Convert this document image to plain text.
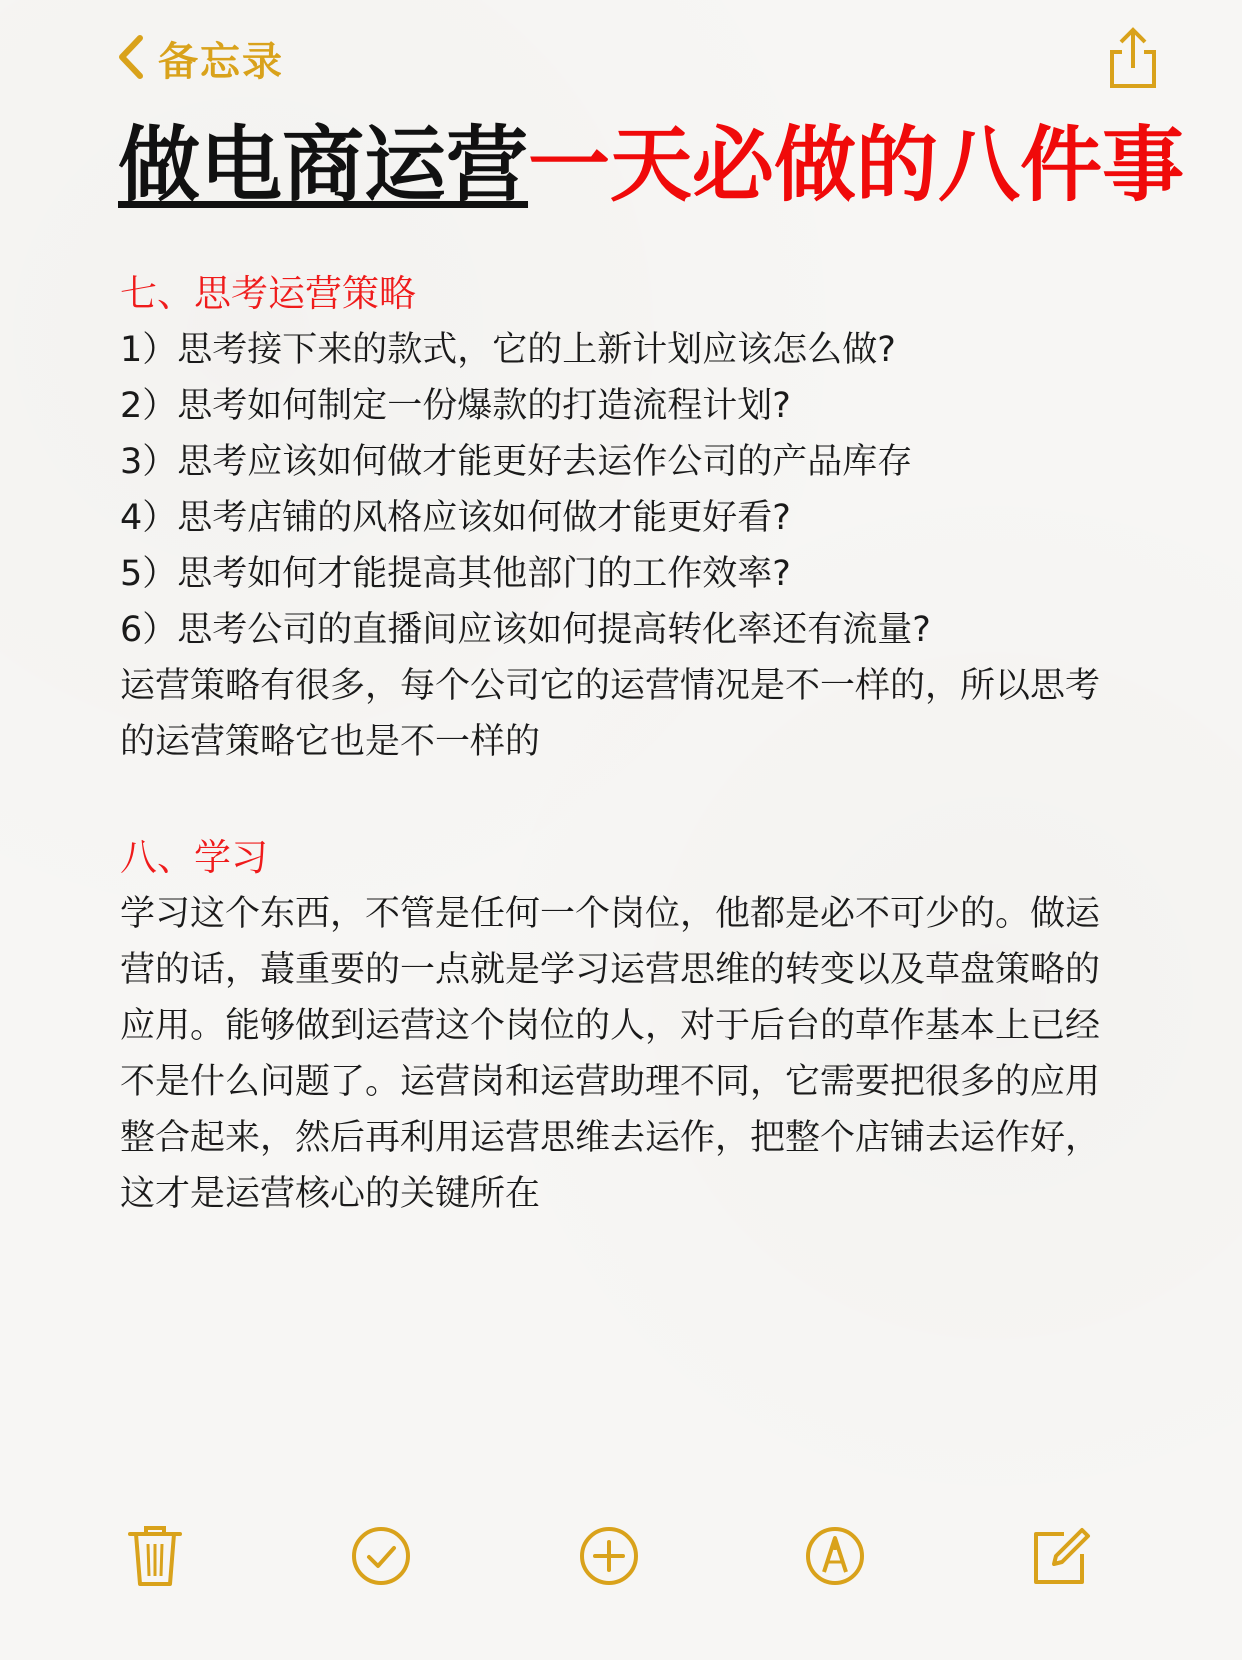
备忘录
做电商运营一天必做的八件事

七、思考运营策略

1）思考接下来的款式，它的上新计划应该怎么做?

2）思考如何制定一份爆款的打造流程计划?

3）思考应该如何做才能更好去运作公司的产品库存

4）思考店铺的风格应该如何做才能更好看?

5）思考如何才能提高其他部门的工作效率?

6）思考公司的直播间应该如何提高转化率还有流量?

运营策略有很多，每个公司它的运营情况是不一样的，所以思考的运营策略它也是不一样的

八、学习

学习这个东西，不管是任何一个岗位，他都是必不可少的。做运营的话，蕞重要的一点就是学习运营思维的转变以及草盘策略的应用。能够做到运营这个岗位的人，对于后台的草作基本上已经不是什么问题了。运营岗和运营助理不同，它需要把很多的应用整合起来，然后再利用运营思维去运作，把整个店铺去运作好，这才是运营核心的关键所在
